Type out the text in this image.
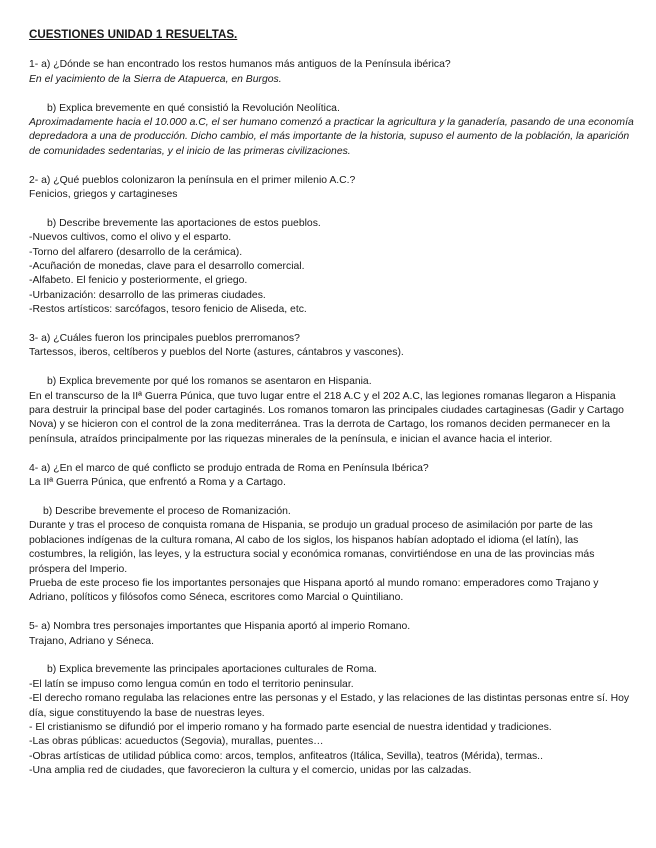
CUESTIONES UNIDAD 1 RESUELTAS.

1- a) ¿Dónde se han encontrado los restos humanos más antiguos de la Península ibérica?

En el yacimiento de la Sierra de Atapuerca, en Burgos.

b) Explica brevemente en qué consistió la Revolución Neolítica.

Aproximadamente hacia el 10.000 a.C, el ser humano comenzó a practicar la agricultura y la ganadería, pasando de una economía depredadora a una de producción. Dicho cambio, el más importante de la historia, supuso el aumento de la población, la aparición de comunidades sedentarias, y el inicio de las primeras civilizaciones.

2- a) ¿Qué pueblos colonizaron la península en el primer milenio A.C.?

Fenicios, griegos y cartagineses

b) Describe brevemente las aportaciones de estos pueblos.

-Nuevos cultivos, como el olivo y el esparto.

-Torno del alfarero (desarrollo de la cerámica).

-Acuñación de monedas, clave para el desarrollo comercial.

-Alfabeto. El fenicio y posteriormente, el griego.

-Urbanización: desarrollo de las primeras ciudades.

-Restos artísticos: sarcófagos, tesoro fenicio de Aliseda, etc.

3- a) ¿Cuáles fueron los principales pueblos prerromanos?

Tartessos, iberos, celtíberos y pueblos del Norte (astures, cántabros y vascones).

b) Explica brevemente por qué los romanos se asentaron en Hispania.

En el transcurso de la IIª Guerra Púnica, que tuvo lugar entre el 218 A.C y el 202 A.C, las legiones romanas llegaron a Hispania para destruir la principal base del poder cartaginés. Los romanos tomaron las principales ciudades cartaginesas (Gadir y Cartago Nova) y se hicieron con el control de la zona mediterránea. Tras la derrota de Cartago, los romanos deciden permanecer en la península, atraídos principalmente por las riquezas minerales de la península, e inician el avance hacia el interior.

4- a) ¿En el marco de qué conflicto se produjo entrada de Roma en Península Ibérica?

La IIª Guerra Púnica, que enfrentó a Roma y a Cartago.

b) Describe brevemente el proceso de Romanización.

Durante y tras el proceso de conquista romana de Hispania, se produjo un gradual proceso de asimilación por parte de las poblaciones indígenas de la cultura romana, Al cabo de los siglos, los hispanos habían adoptado el idioma (el latín), las costumbres, la religión, las leyes, y la estructura social y económica romanas, convirtiéndose en una de las provincias más próspera del Imperio.

Prueba de este proceso fie los importantes personajes que Hispana aportó al mundo romano: emperadores como Trajano y Adriano, políticos y filósofos como Séneca, escritores como Marcial o Quintiliano.

5- a) Nombra tres personajes importantes que Hispania aportó al imperio Romano.

Trajano, Adriano y Séneca.

b) Explica brevemente las principales aportaciones culturales de Roma.

-El latín se impuso como lengua común en todo el territorio peninsular.

-El derecho romano regulaba las relaciones entre las personas y el Estado, y las relaciones de las distintas personas entre sí. Hoy día, sigue constituyendo la base de nuestras leyes.

- El cristianismo se difundió por el imperio romano y ha formado parte esencial de nuestra identidad y tradiciones.

-Las obras públicas: acueductos (Segovia), murallas, puentes…

-Obras artísticas de utilidad pública como: arcos, templos, anfiteatros (Itálica, Sevilla), teatros (Mérida), termas..

-Una amplia red de ciudades, que favorecieron la cultura y el comercio, unidas por las calzadas.
